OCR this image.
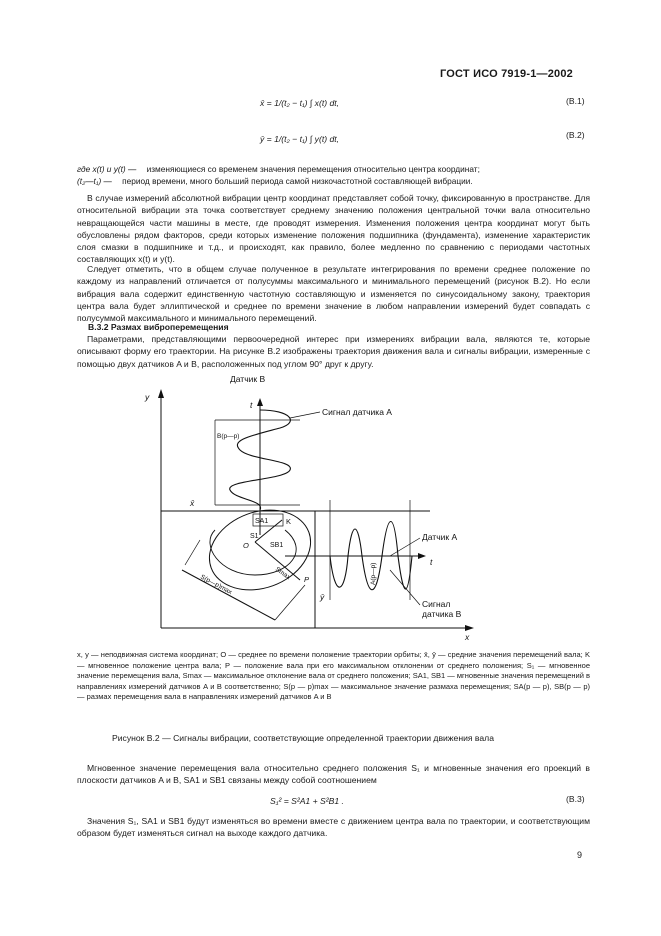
ГОСТ ИСО 7919-1—2002
x̄ = 1/(t₂ − t₁) ∫ x(t) dt,	(В.1)
ȳ = 1/(t₂ − t₁) ∫ y(t) dt,	(В.2)
где x(t) и y(t) — изменяющиеся со временем значения перемещения относительно центра координат;
(t₂—t₁) — период времени, много больший периода самой низкочастотной составляющей вибрации.
В случае измерений абсолютной вибрации центр координат представляет собой точку, фиксированную в пространстве. Для относительной вибрации эта точка соответствует среднему значению положения центральной точки вала относительно невращающейся части машины в месте, где проводят измерения. Изменения положения центра координат могут быть обусловлены рядом факторов, среди которых изменение положения подшипника (фундамента), изменение характеристик слоя смазки в подшипнике и т.д., и происходят, как правило, более медленно по сравнению с периодами частотных составляющих x(t) и y(t).
Следует отметить, что в общем случае полученное в результате интегрирования по времени среднее положение по каждому из направлений отличается от полусуммы максимального и минимального перемещений (рисунок В.2). Но если вибрация вала содержит единственную частотную составляющую и изменяется по синусоидальному закону, траектория центра вала будет эллиптической и среднее по времени значение в любом направлении измерений будет совпадать с полусуммой максимального и минимального перемещений.
В.3.2 Размах виброперемещения
Параметрами, представляющими первоочередной интерес при измерениях вибрации вала, являются те, которые описывают форму его траектории. На рисунке В.2 изображены траектория движения вала и сигналы вибрации, измеренные с помощью двух датчиков A и B, расположенных под углом 90° друг к другу.
Датчик B
Сигнал датчика А
Датчик А
Сигнал
датчика B
y
x
t
t
x̄
ȳ
B(p—p)
A(p—p)
Smax
S(p—p)max
S1
SA1
SB1
K
O
P
x, y — неподвижная система координат; O — среднее по времени положение траектории орбиты; x̄, ȳ — средние значения перемещений вала; K — мгновенное положение центра вала; P — положение вала при его максимальном отклонении от среднего положения; S₁ — мгновенное значение перемещения вала, Smax — максимальное отклонение вала от среднего положения; SA1, SB1 — мгновенные значения перемещений в направлениях измерений датчиков A и B соответственно; S(p — p)max — максимальное значение размаха перемещения; SA(p — p), SB(p — p) — размах перемещения вала в направлениях измерений датчиков A и B
Рисунок В.2 — Сигналы вибрации, соответствующие определенной траектории движения вала
Мгновенное значение перемещения вала относительно среднего положения S₁ и мгновенные значения его проекций в плоскости датчиков A и B, SA1 и SB1 связаны между собой соотношением
S₁² = S²A1 + S²B1 .	(В.3)
Значения S₁, SA1 и SB1 будут изменяться во времени вместе с движением центра вала по траектории, и соответствующим образом будет изменяться сигнал на выходе каждого датчика.
9
